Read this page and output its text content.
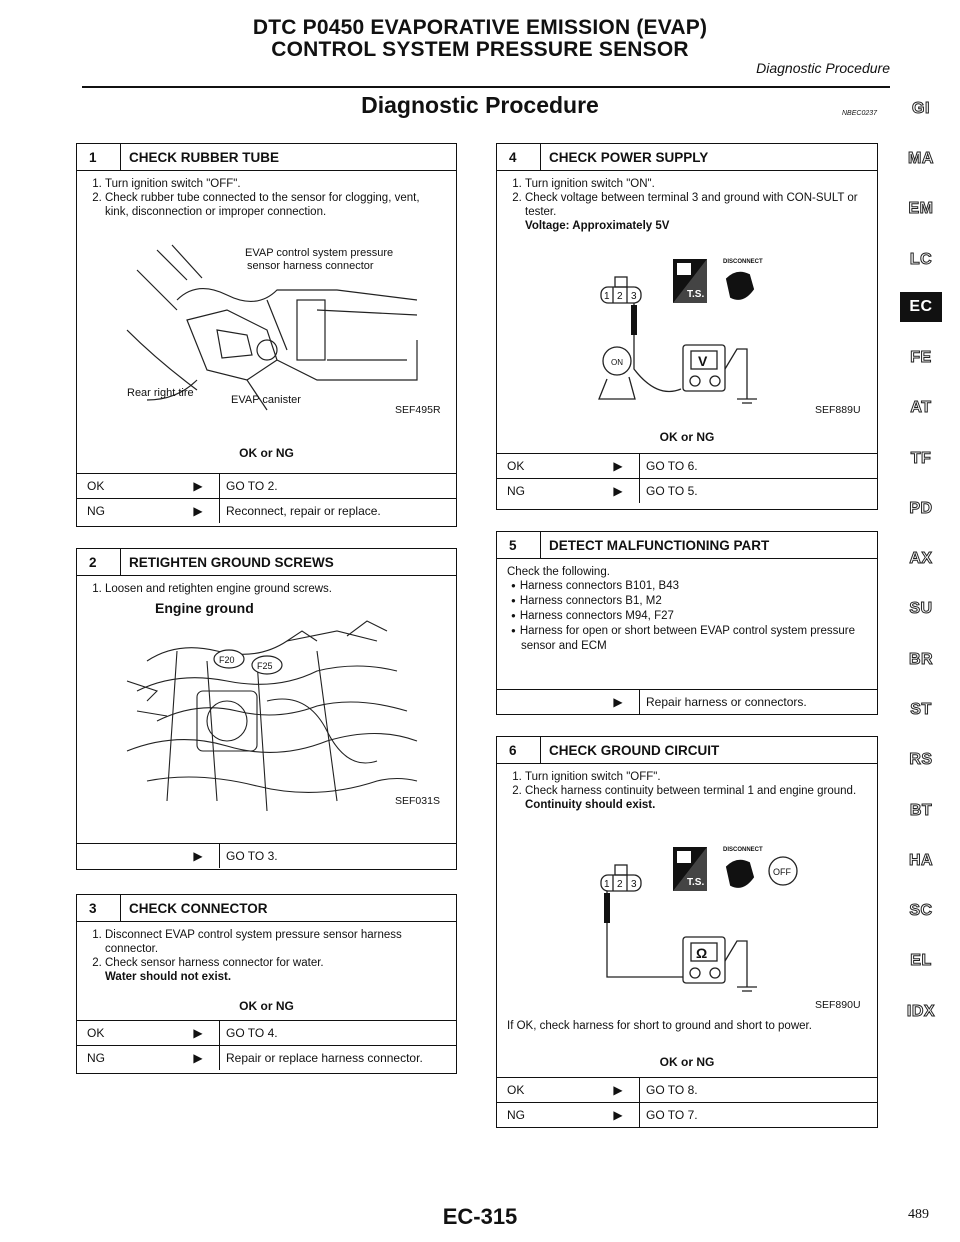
DTC P0450 EVAPORATIVE EMISSION (EVAP)
CONTROL SYSTEM PRESSURE SENSOR
Diagnostic Procedure
Diagnostic Procedure	NBEC0237
1	CHECK RUBBER TUBE
1. Turn ignition switch "OFF".
2. Check rubber tube connected to the sensor for clogging, vent, kink, disconnection or improper connection.
EVAP control system pressure
sensor harness connector
Rear right tire
EVAP canister
SEF495R
OK or NG
OK	▶	GO TO 2.
NG	▶	Reconnect, repair or replace.
2	RETIGHTEN GROUND SCREWS
1. Loosen and retighten engine ground screws.
Engine ground
F20
F25
SEF031S
▶	GO TO 3.
3	CHECK CONNECTOR
1. Disconnect EVAP control system pressure sensor harness connector.
2. Check sensor harness connector for water.
Water should not exist.
OK or NG
OK	▶	GO TO 4.
NG	▶	Repair or replace harness connector.
4	CHECK POWER SUPPLY
1. Turn ignition switch "ON".
2. Check voltage between terminal 3 and ground with CON-SULT or tester.
Voltage: Approximately 5V
1 2 3	T.S.
DISCONNECT
ON	V
SEF889U
OK or NG
OK	▶	GO TO 6.
NG	▶	GO TO 5.
5	DETECT MALFUNCTIONING PART
Check the following.
● Harness connectors B101, B43
● Harness connectors B1, M2
● Harness connectors M94, F27
● Harness for open or short between EVAP control system pressure sensor and ECM
▶	Repair harness or connectors.
6	CHECK GROUND CIRCUIT
1. Turn ignition switch "OFF".
2. Check harness continuity between terminal 1 and engine ground.
Continuity should exist.
1 2 3	T.S.
DISCONNECT
OFF
Ω
SEF890U
If OK, check harness for short to ground and short to power.
OK or NG
OK	▶	GO TO 8.
NG	▶	GO TO 7.
GI
MA
EM
LC
EC
FE
AT
TF
PD
AX
SU
BR
ST
RS
BT
HA
SC
EL
IDX
EC-315	489
